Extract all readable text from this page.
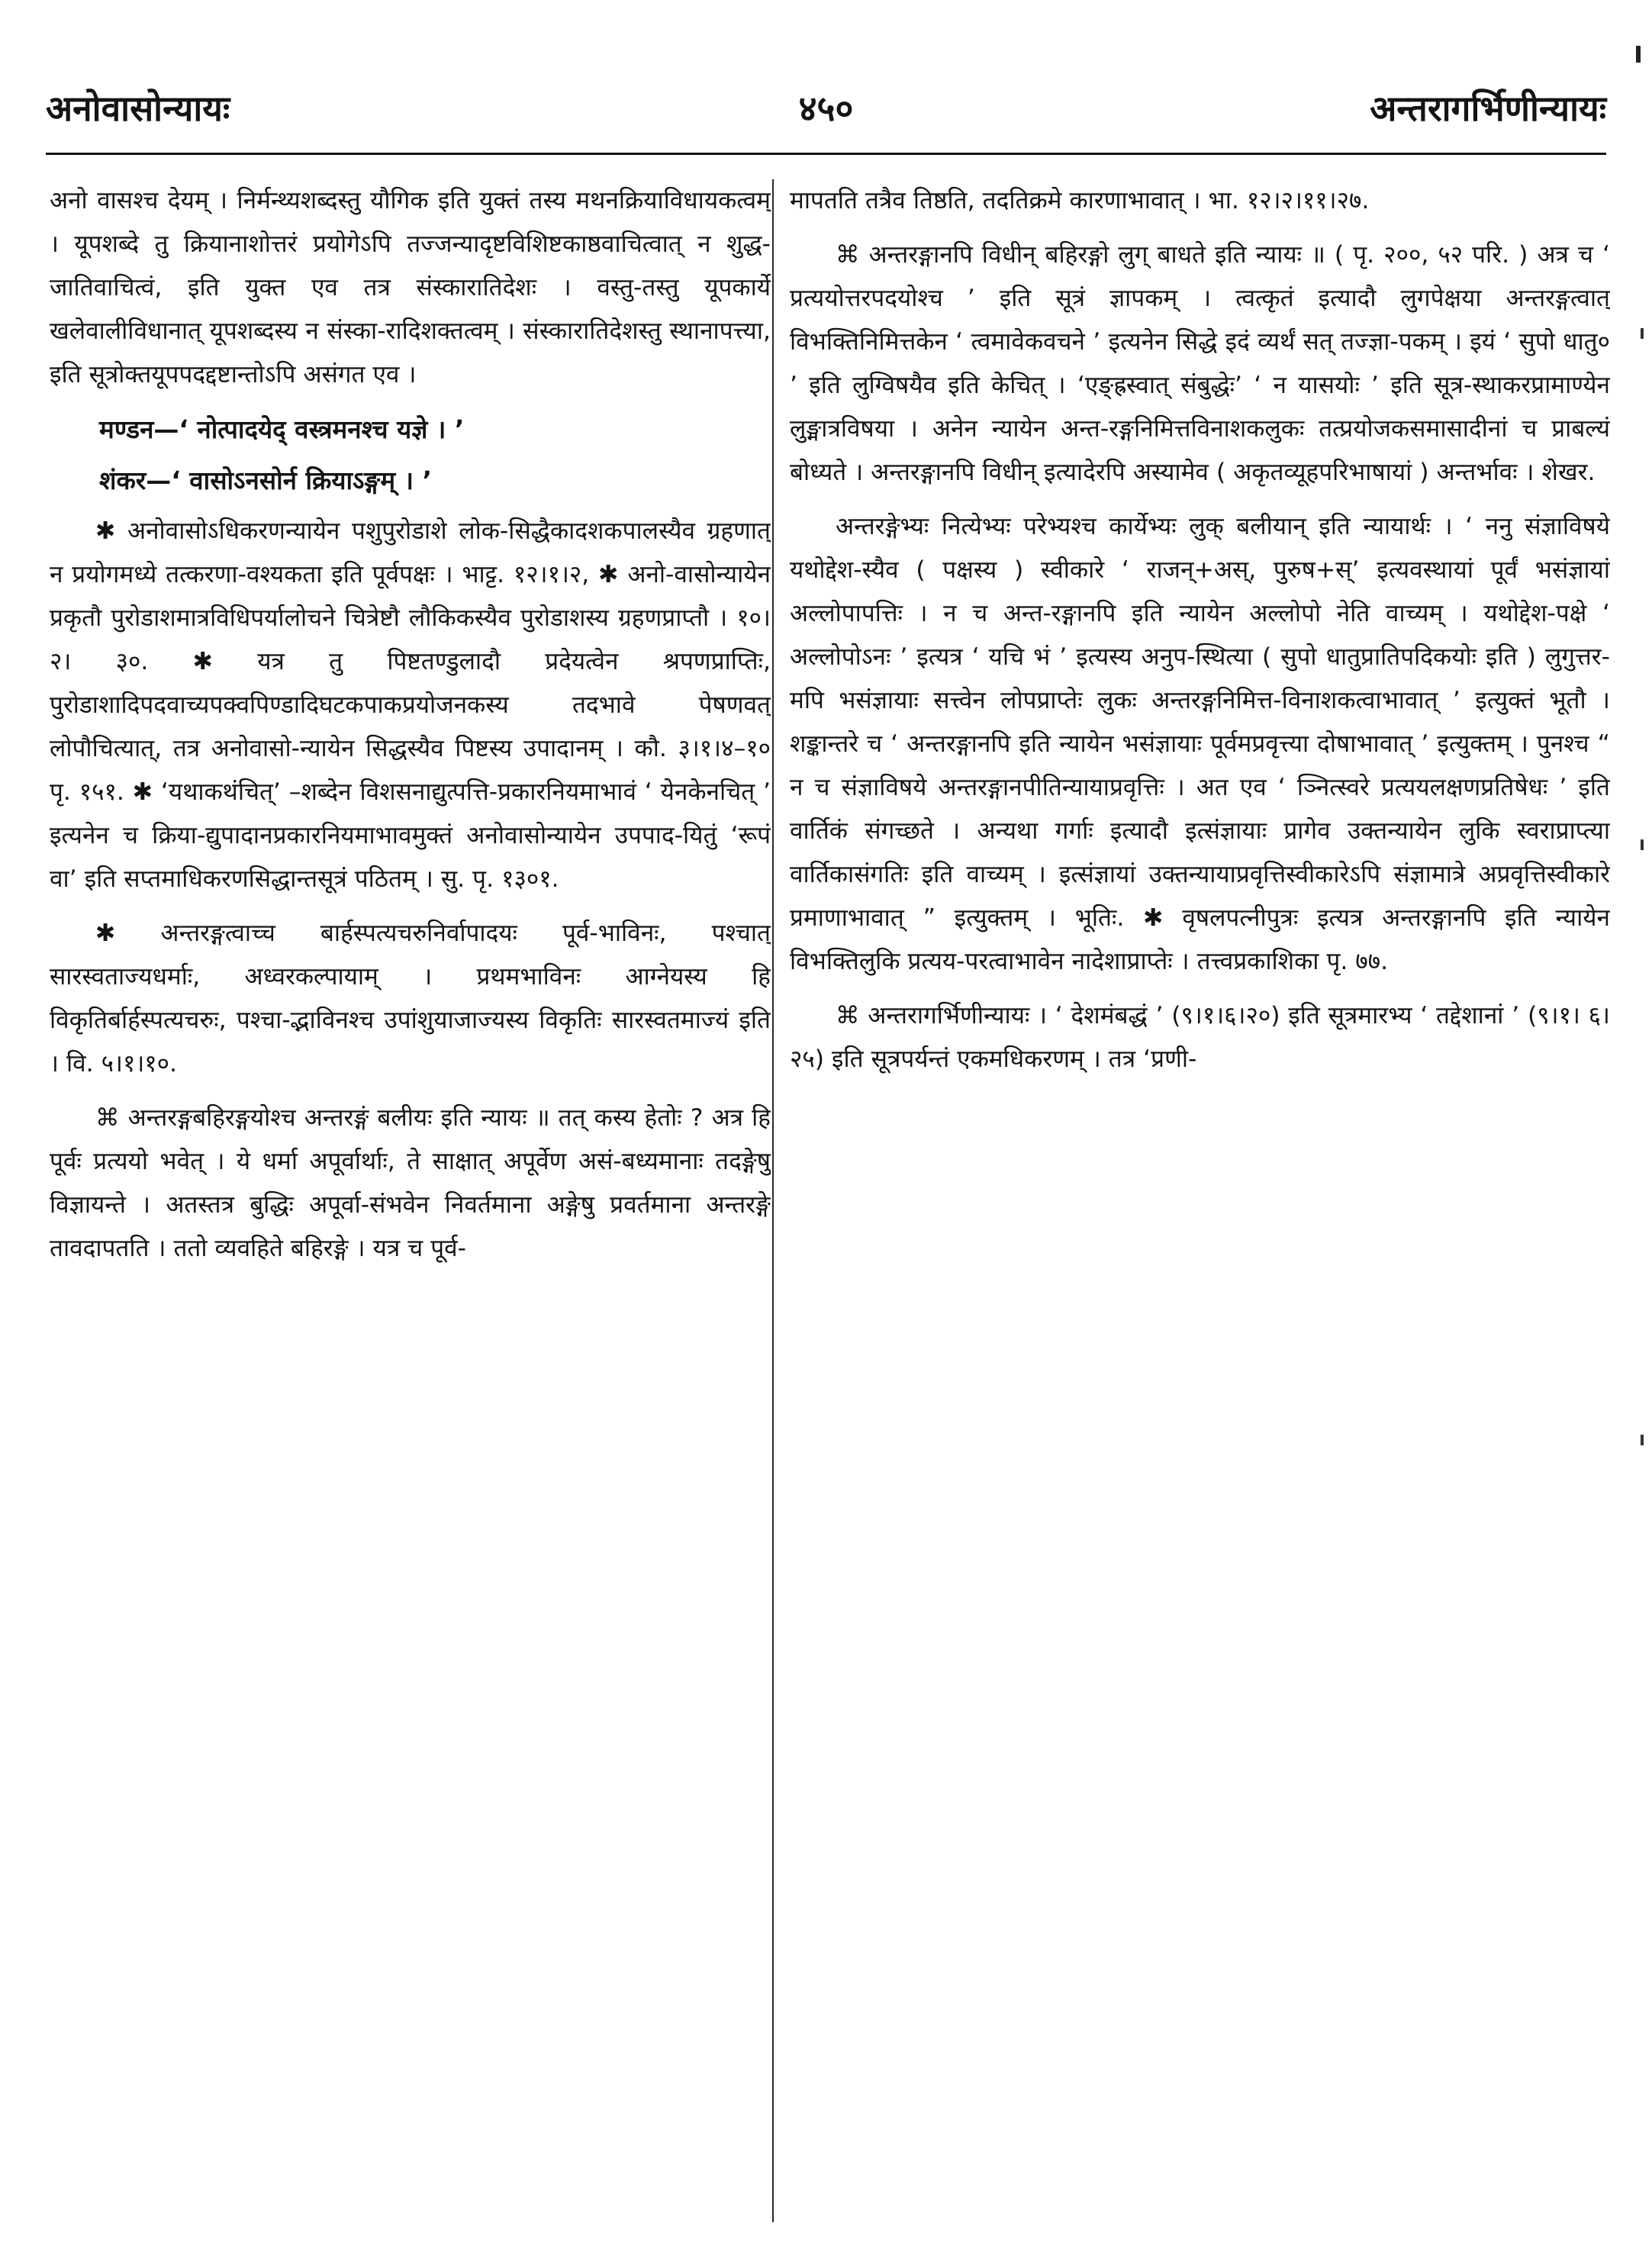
अनोवासोन्यायः	४५०	अन्तरागर्भिणीन्यायः

अनो वासश्च देयम् । निर्मन्थ्यशब्दस्तु यौगिक इति युक्तं तस्य मथनक्रियाविधायकत्वम् । यूपशब्दे तु क्रियानाशोत्तरं प्रयोगेऽपि तज्जन्यादृष्टविशिष्टकाष्ठवाचित्वात् न शुद्ध-जातिवाचित्वं, इति युक्त एव तत्र संस्कारातिदेशः । वस्तु-तस्तु यूपकार्ये खलेवालीविधानात् यूपशब्दस्य न संस्का-रादिशक्तत्वम् । संस्कारातिदेशस्तु स्थानापत्त्या, इति सूत्रोक्तयूपपदद्दष्टान्तोऽपि असंगत एव ।

मण्डन—‘ नोत्पादयेद् वस्त्रमनश्च यज्ञे । ’

शंकर—‘ वासोऽनसोर्न क्रियाऽङ्गम् । ’

✱ अनोवासोऽधिकरणन्यायेन पशुपुरोडाशे लोक-सिद्धैकादशकपालस्यैव ग्रहणात् न प्रयोगमध्ये तत्करणा-वश्यकता इति पूर्वपक्षः । भाट्ट. १२।१।२, ✱ अनो-वासोन्यायेन प्रकृतौ पुरोडाशमात्रविधिपर्यालोचने चित्रेष्टौ लौकिकस्यैव पुरोडाशस्य ग्रहणप्राप्तौ । १०।२। ३०. ✱ यत्र तु पिष्टतण्डुलादौ प्रदेयत्वेन श्रपणप्राप्तिः, पुरोडाशादिपदवाच्यपक्वपिण्डादिघटकपाकप्रयोजनकस्य तदभावे पेषणवत् लोपौचित्यात्, तत्र अनोवासो-न्यायेन सिद्धस्यैव पिष्टस्य उपादानम् । कौ. ३।१।४–१० पृ. १५१. ✱ ‘यथाकथंचित्’ –शब्देन विशसनाद्युत्पत्ति-प्रकारनियमाभावं ‘ येनकेनचित् ’ इत्यनेन च क्रिया-द्युपादानप्रकारनियमाभावमुक्तं अनोवासोन्यायेन उपपाद-यितुं ‘रूपं वा’ इति सप्तमाधिकरणसिद्धान्तसूत्रं पठितम् । सु. पृ. १३०१.

✱ अन्तरङ्गत्वाच्च बार्हस्पत्यचरुनिर्वापादयः पूर्व-भाविनः, पश्चात् सारस्वताज्यधर्माः, अध्वरकल्पायाम् । प्रथमभाविनः आग्नेयस्य हि विकृतिर्बार्हस्पत्यचरुः, पश्चा-द्भाविनश्च उपांशुयाजाज्यस्य विकृतिः सारस्वतमाज्यं इति । वि. ५।१।१०.

⌘ अन्तरङ्गबहिरङ्गयोश्च अन्तरङ्गं बलीयः इति न्यायः ॥ तत् कस्य हेतोः ? अत्र हि पूर्वः प्रत्ययो भवेत् । ये धर्मा अपूर्वार्थाः, ते साक्षात् अपूर्वेण असं-बध्यमानाः तदङ्गेषु विज्ञायन्ते । अतस्तत्र बुद्धिः अपूर्वा-संभवेन निवर्तमाना अङ्गेषु प्रवर्तमाना अन्तरङ्गे तावदापतति । ततो व्यवहिते बहिरङ्गे । यत्र च पूर्व-

मापतति तत्रैव तिष्ठति, तदतिक्रमे कारणाभावात् । भा. १२।२।११।२७.

⌘ अन्तरङ्गानपि विधीन् बहिरङ्गो लुग् बाधते इति न्यायः ॥ ( पृ. २००, ५२ परि. ) अत्र च ‘ प्रत्ययोत्तरपदयोश्च ’ इति सूत्रं ज्ञापकम् । त्वत्कृतं इत्यादौ लुगपेक्षया अन्तरङ्गत्वात् विभक्तिनिमित्तकेन ‘ त्वमावेकवचने ’ इत्यनेन सिद्धे इदं व्यर्थं सत् तज्ज्ञा-पकम् । इयं ‘ सुपो धातु० ’ इति लुग्विषयैव इति केचित् । ‘एङ्ह्रस्वात् संबुद्धेः’ ‘ न यासयोः ’ इति सूत्र-स्थाकरप्रामाण्येन लुङ्मात्रविषया । अनेन न्यायेन अन्त-रङ्गनिमित्तविनाशकलुकः तत्प्रयोजकसमासादीनां च प्राबल्यं बोध्यते । अन्तरङ्गानपि विधीन् इत्यादेरपि अस्यामेव ( अकृतव्यूहपरिभाषायां ) अन्तर्भावः । शेखर.

अन्तरङ्गेभ्यः नित्येभ्यः परेभ्यश्च कार्येभ्यः लुक् बलीयान् इति न्यायार्थः । ‘ ननु संज्ञाविषये यथोद्देश-स्यैव ( पक्षस्य ) स्वीकारे ‘ राजन्+अस्, पुरुष+स्’ इत्यवस्थायां पूर्वं भसंज्ञायां अल्लोपापत्तिः । न च अन्त-रङ्गानपि इति न्यायेन अल्लोपो नेति वाच्यम् । यथोद्देश-पक्षे ‘ अल्लोपोऽनः ’ इत्यत्र ‘ यचि भं ’ इत्यस्य अनुप-स्थित्या ( सुपो धातुप्रातिपदिकयोः इति ) लुगुत्तर-मपि भसंज्ञायाः सत्त्वेन लोपप्राप्तेः लुकः अन्तरङ्गनिमित्त-विनाशकत्वाभावात् ’ इत्युक्तं भूतौ । शङ्कान्तरे च ‘ अन्तरङ्गानपि इति न्यायेन भसंज्ञायाः पूर्वमप्रवृत्त्या दोषाभावात् ’ इत्युक्तम् । पुनश्च “ न च संज्ञाविषये अन्तरङ्गानपीतिन्यायाप्रवृत्तिः । अत एव ‘ ञ्नित्स्वरे प्रत्ययलक्षणप्रतिषेधः ’ इति वार्तिकं संगच्छते । अन्यथा गर्गाः इत्यादौ इत्संज्ञायाः प्रागेव उक्तन्यायेन लुकि स्वराप्राप्त्या वार्तिकासंगतिः इति वाच्यम् । इत्संज्ञायां उक्तन्यायाप्रवृत्तिस्वीकारेऽपि संज्ञामात्रे अप्रवृत्तिस्वीकारे प्रमाणाभावात् ” इत्युक्तम् । भूतिः. ✱ वृषलपत्नीपुत्रः इत्यत्र अन्तरङ्गानपि इति न्यायेन विभक्तिलुकि प्रत्यय-परत्वाभावेन नादेशाप्राप्तेः । तत्त्वप्रकाशिका पृ. ७७.

⌘ अन्तरागर्भिणीन्यायः । ‘ देशमंबद्धं ’ (९।१।६।२०) इति सूत्रमारभ्य ‘ तद्देशानां ’ (९।१। ६।२५) इति सूत्रपर्यन्तं एकमधिकरणम् । तत्र ‘प्रणी-
